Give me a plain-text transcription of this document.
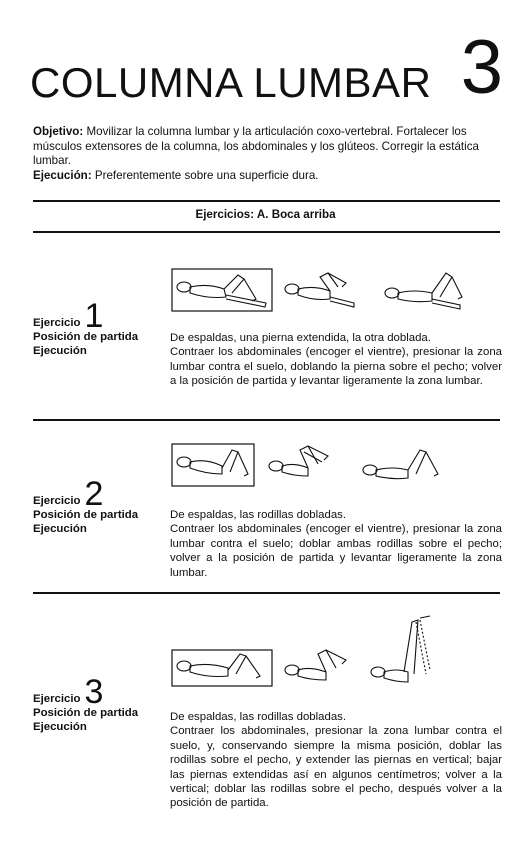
COLUMNA LUMBAR 3

Objetivo: Movilizar la columna lumbar y la articulación coxo-vertebral. Fortalecer los músculos extensores de la columna, los abdominales y los glúteos. Corregir la estática lumbar.

Ejecución: Preferentemente sobre una superficie dura.

Ejercicios: A. Boca arriba
Ejercicio 1
Posición de partida
Ejecución

De espaldas, una pierna extendida, la otra doblada.

Contraer los abdominales (encoger el vientre), presionar la zona lumbar contra el suelo, doblando la pierna sobre el pecho; volver a la posición de partida y levantar ligeramente la zona lumbar.

Ejercicio 2
Posición de partida
Ejecución

De espaldas, las rodillas dobladas.

Contraer los abdominales (encoger el vientre), presionar la zona lumbar contra el suelo; doblar ambas rodillas sobre el pecho; volver a la posición de partida y levantar ligeramente la zona lumbar.

Ejercicio 3
Posición de partida
Ejecución

De espaldas, las rodillas dobladas.

Contraer los abdominales, presionar la zona lumbar contra el suelo, y, conservando siempre la misma posición, doblar las rodillas sobre el pecho, y extender las piernas en vertical; bajar las piernas extendidas así en algunos centímetros; volver a la vertical; doblar las rodillas sobre el pecho, después volver a la posición de partida.
